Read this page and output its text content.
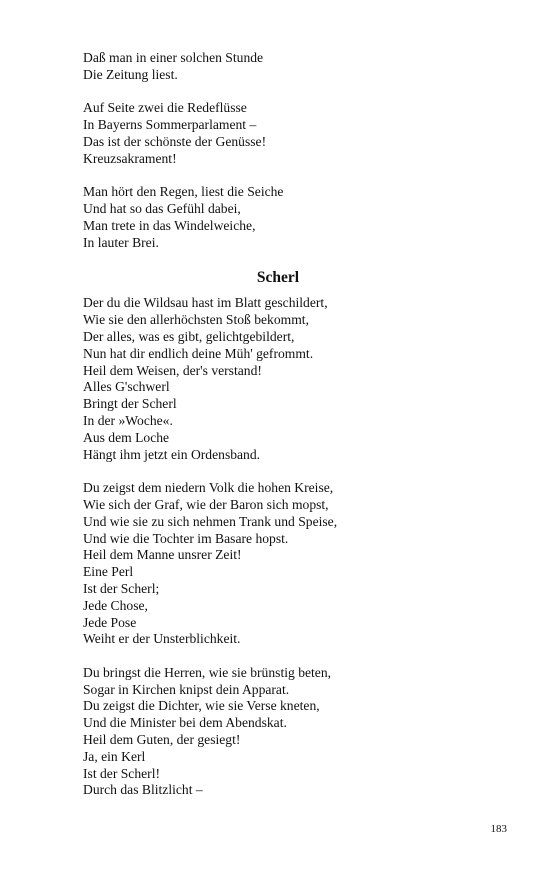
Daß man in einer solchen Stunde
Die Zeitung liest.
Auf Seite zwei die Redeflüsse
In Bayerns Sommerparlament –
Das ist der schönste der Genüsse!
Kreuzsakrament!
Man hört den Regen, liest die Seiche
Und hat so das Gefühl dabei,
Man trete in das Windelweiche,
In lauter Brei.
Scherl
Der du die Wildsau hast im Blatt geschildert,
Wie sie den allerhöchsten Stoß bekommt,
Der alles, was es gibt, gelichtgebildert,
Nun hat dir endlich deine Müh' gefrommt.
Heil dem Weisen, der's verstand!
Alles G'schwerl
Bringt der Scherl
In der »Woche«.
Aus dem Loche
Hängt ihm jetzt ein Ordensband.
Du zeigst dem niedern Volk die hohen Kreise,
Wie sich der Graf, wie der Baron sich mopst,
Und wie sie zu sich nehmen Trank und Speise,
Und wie die Tochter im Basare hopst.
Heil dem Manne unsrer Zeit!
Eine Perl
Ist der Scherl;
Jede Chose,
Jede Pose
Weiht er der Unsterblichkeit.
Du bringst die Herren, wie sie brünstig beten,
Sogar in Kirchen knipst dein Apparat.
Du zeigst die Dichter, wie sie Verse kneten,
Und die Minister bei dem Abendskat.
Heil dem Guten, der gesiegt!
Ja, ein Kerl
Ist der Scherl!
Durch das Blitzlicht –
183
